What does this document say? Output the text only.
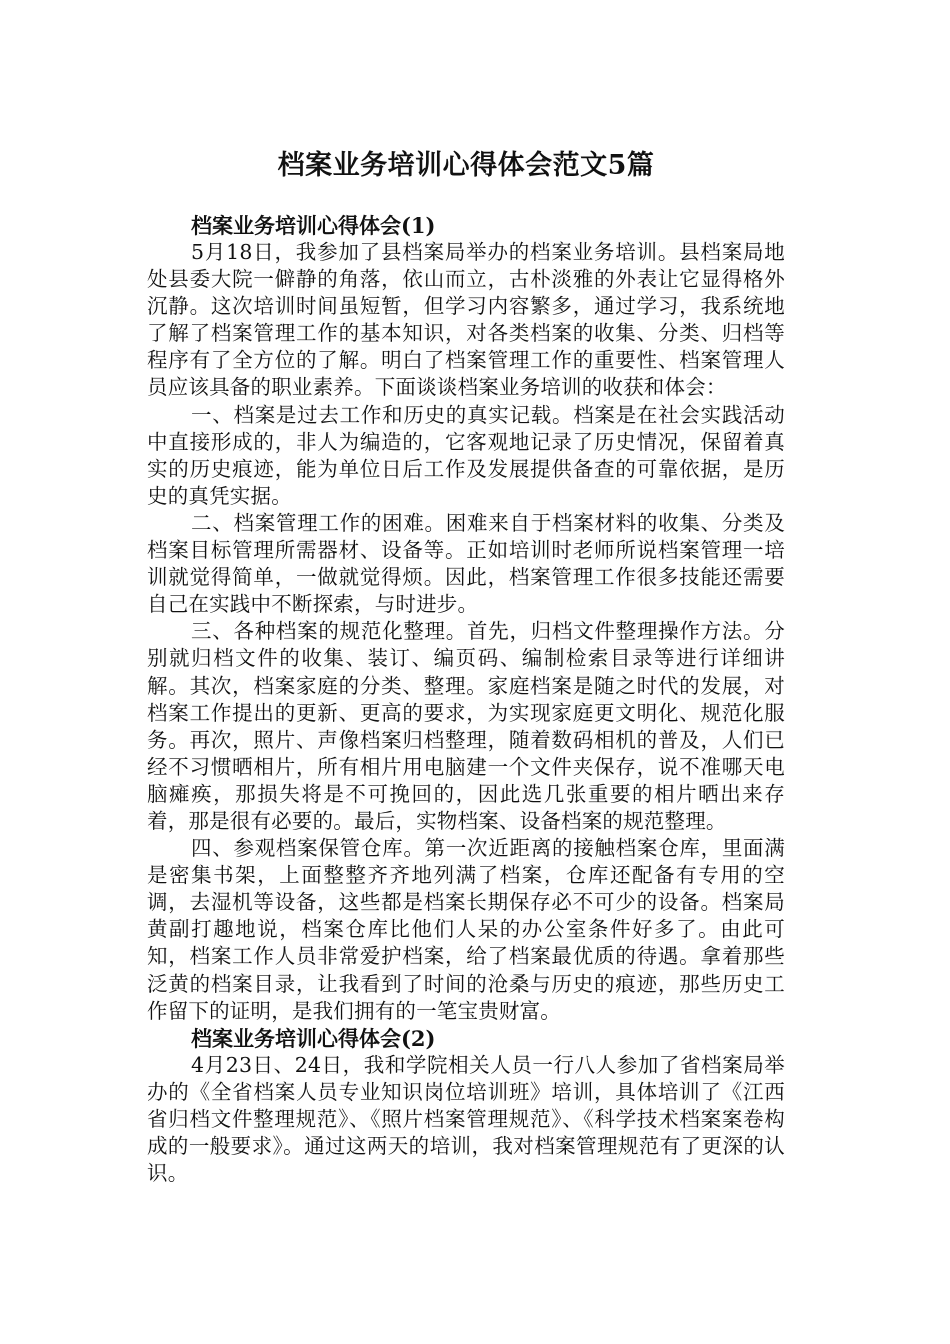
档案业务培训心得体会范文5篇
档案业务培训心得体会(1)

5月18日，我参加了县档案局举办的档案业务培训。县档案局地处县委大院一僻静的角落，依山而立，古朴淡雅的外表让它显得格外沉静。这次培训时间虽短暂，但学习内容繁多，通过学习，我系统地了解了档案管理工作的基本知识，对各类档案的收集、分类、归档等程序有了全方位的了解。明白了档案管理工作的重要性、档案管理人员应该具备的职业素养。下面谈谈档案业务培训的收获和体会：

一、档案是过去工作和历史的真实记载。档案是在社会实践活动中直接形成的，非人为编造的，它客观地记录了历史情况，保留着真实的历史痕迹，能为单位日后工作及发展提供备查的可靠依据，是历史的真凭实据。

二、档案管理工作的困难。困难来自于档案材料的收集、分类及档案目标管理所需器材、设备等。正如培训时老师所说档案管理一培训就觉得简单，一做就觉得烦。因此，档案管理工作很多技能还需要自己在实践中不断探索，与时进步。

三、各种档案的规范化整理。首先，归档文件整理操作方法。分别就归档文件的收集、装订、编页码、编制检索目录等进行详细讲解。其次，档案家庭的分类、整理。家庭档案是随之时代的发展，对档案工作提出的更新、更高的要求，为实现家庭更文明化、规范化服务。再次，照片、声像档案归档整理，随着数码相机的普及，人们已经不习惯晒相片，所有相片用电脑建一个文件夹保存，说不准哪天电脑瘫痪，那损失将是不可挽回的，因此选几张重要的相片晒出来存着，那是很有必要的。最后，实物档案、设备档案的规范整理。

四、参观档案保管仓库。第一次近距离的接触档案仓库，里面满是密集书架，上面整整齐齐地列满了档案，仓库还配备有专用的空调，去湿机等设备，这些都是档案长期保存必不可少的设备。档案局黄副打趣地说，档案仓库比他们人呆的办公室条件好多了。由此可知，档案工作人员非常爱护档案，给了档案最优质的待遇。拿着那些泛黄的档案目录，让我看到了时间的沧桑与历史的痕迹，那些历史工作留下的证明，是我们拥有的一笔宝贵财富。

档案业务培训心得体会(2)

4月23日、24日，我和学院相关人员一行八人参加了省档案局举办的《全省档案人员专业知识岗位培训班》培训，具体培训了《江西省归档文件整理规范》、《照片档案管理规范》、《科学技术档案案卷构成的一般要求》。通过这两天的培训，我对档案管理规范有了更深的认识。
